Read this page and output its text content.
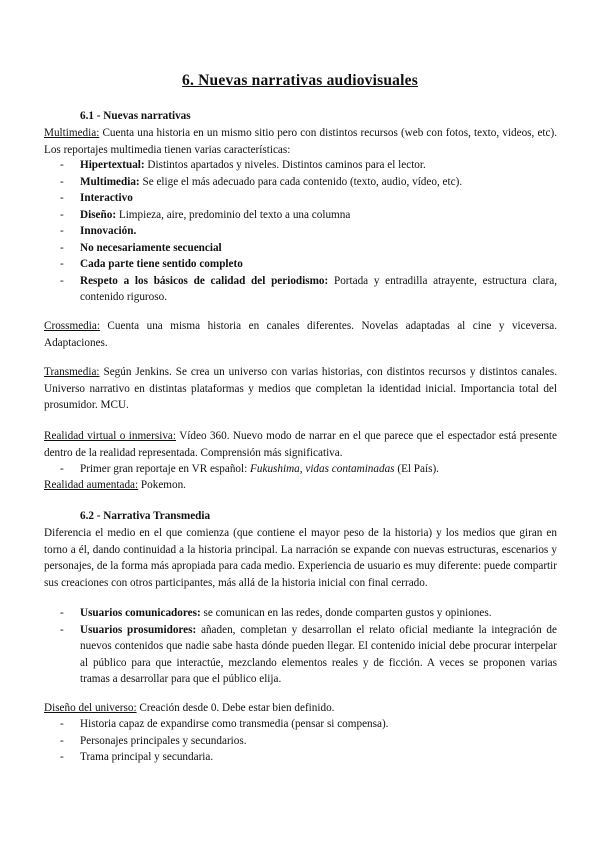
6. Nuevas narrativas audiovisuales
6.1 - Nuevas narrativas
Multimedia: Cuenta una historia en un mismo sitio pero con distintos recursos (web con fotos, texto, videos, etc). Los reportajes multimedia tienen varias características:
- Hipertextual: Distintos apartados y niveles. Distintos caminos para el lector.
- Multimedia: Se elige el más adecuado para cada contenido (texto, audio, vídeo, etc).
- Interactivo
- Diseño: Limpieza, aire, predominio del texto a una columna
- Innovación.
- No necesariamente secuencial
- Cada parte tiene sentido completo
- Respeto a los básicos de calidad del periodismo: Portada y entradilla atrayente, estructura clara, contenido riguroso.
Crossmedia: Cuenta una misma historia en canales diferentes. Novelas adaptadas al cine y viceversa. Adaptaciones.
Transmedia: Según Jenkins. Se crea un universo con varias historias, con distintos recursos y distintos canales. Universo narrativo en distintas plataformas y medios que completan la identidad inicial. Importancia total del prosumidor. MCU.
Realidad virtual o inmersiva: Vídeo 360. Nuevo modo de narrar en el que parece que el espectador está presente dentro de la realidad representada. Comprensión más significativa.
- Primer gran reportaje en VR español: Fukushima, vidas contaminadas (El País).
Realidad aumentada: Pokemon.
6.2 - Narrativa Transmedia
Diferencia el medio en el que comienza (que contiene el mayor peso de la historia) y los medios que giran en torno a él, dando continuidad a la historia principal. La narración se expande con nuevas estructuras, escenarios y personajes, de la forma más apropiada para cada medio. Experiencia de usuario es muy diferente: puede compartir sus creaciones con otros participantes, más allá de la historia inicial con final cerrado.
- Usuarios comunicadores: se comunican en las redes, donde comparten gustos y opiniones.
- Usuarios prosumidores: añaden, completan y desarrollan el relato oficial mediante la integración de nuevos contenidos que nadie sabe hasta dónde pueden llegar. El contenido inicial debe procurar interpelar al público para que interactúe, mezclando elementos reales y de ficción. A veces se proponen varias tramas a desarrollar para que el público elija.
Diseño del universo: Creación desde 0. Debe estar bien definido.
- Historia capaz de expandirse como transmedia (pensar si compensa).
- Personajes principales y secundarios.
- Trama principal y secundaria.
